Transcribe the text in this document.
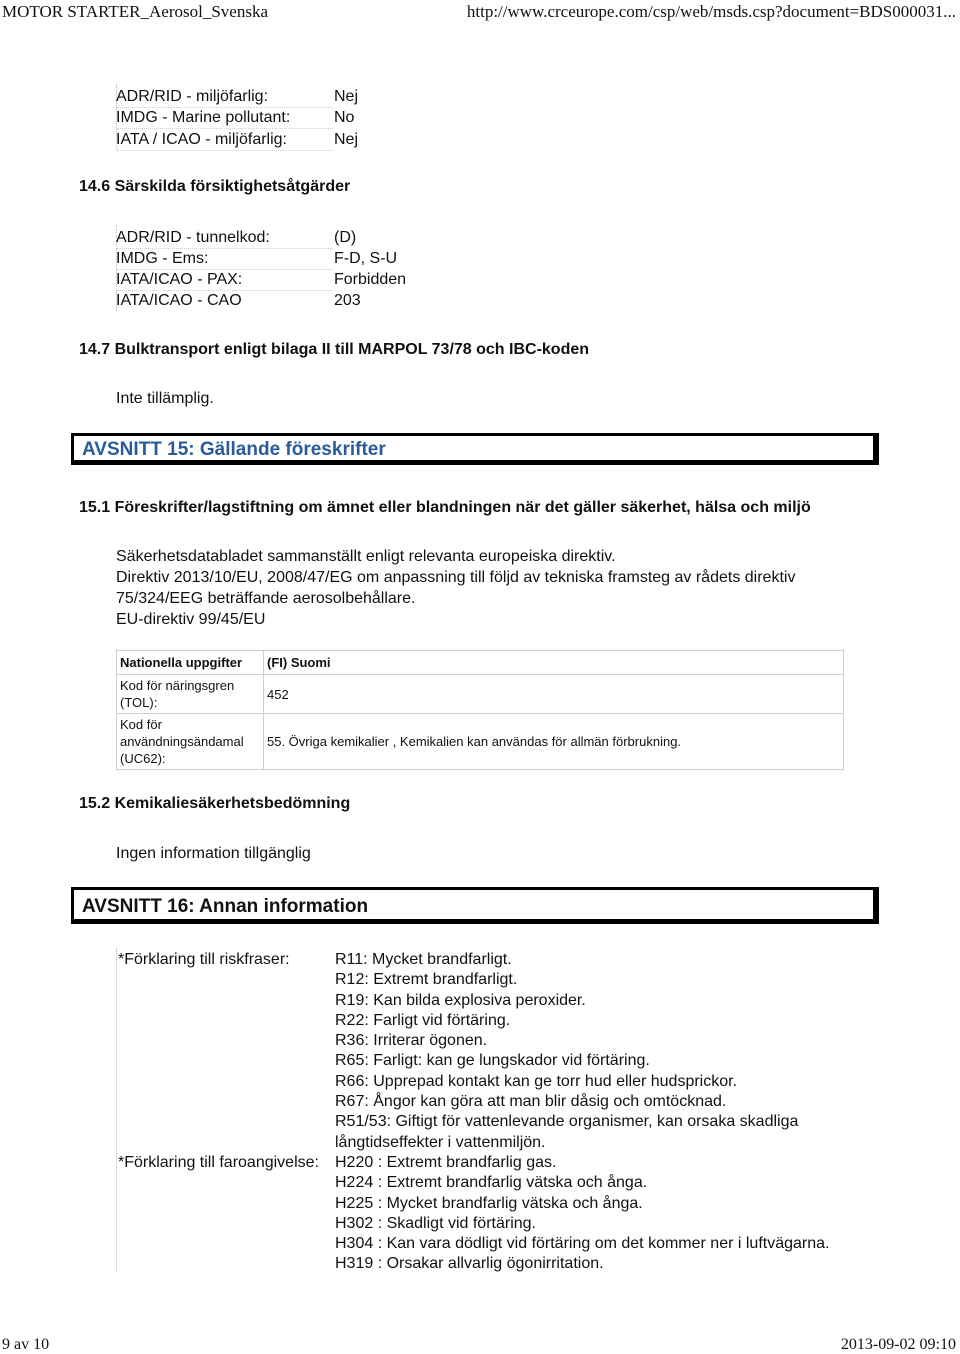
MOTOR STARTER_Aerosol_Svenska	http://www.crceurope.com/csp/web/msds.csp?document=BDS000031...
ADR/RID - miljöfarlig:	Nej
IMDG - Marine pollutant:	No
IATA / ICAO - miljöfarlig:	Nej
14.6 Särskilda försiktighetsåtgärder
ADR/RID - tunnelkod:	(D)
IMDG - Ems:	F-D, S-U
IATA/ICAO - PAX:	Forbidden
IATA/ICAO - CAO	203
14.7 Bulktransport enligt bilaga II till MARPOL 73/78 och IBC-koden
Inte tillämplig.
AVSNITT 15: Gällande föreskrifter
15.1 Föreskrifter/lagstiftning om ämnet eller blandningen när det gäller säkerhet, hälsa och miljö
Säkerhetsdatabladet sammanställt enligt relevanta europeiska direktiv.
Direktiv 2013/10/EU, 2008/47/EG om anpassning till följd av tekniska framsteg av rådets direktiv
75/324/EEG beträffande aerosolbehållare.
EU-direktiv 99/45/EU
Nationella uppgifter	(FI) Suomi

Kod för näringsgren
(TOL):	452

Kod för
användningsändamal
(UC62):	55. Övriga kemikalier , Kemikalien kan användas för allmän förbrukning.
15.2 Kemikaliesäkerhetsbedömning
Ingen information tillgänglig
AVSNITT 16: Annan information
*Förklaring till riskfraser:	R11: Mycket brandfarligt.
R12: Extremt brandfarligt.
R19: Kan bilda explosiva peroxider.
R22: Farligt vid förtäring.
R36: Irriterar ögonen.
R65: Farligt: kan ge lungskador vid förtäring.
R66: Upprepad kontakt kan ge torr hud eller hudsprickor.
R67: Ångor kan göra att man blir dåsig och omtöcknad.
R51/53: Giftigt för vattenlevande organismer, kan orsaka skadliga
långtidseffekter i vattenmiljön.
*Förklaring till faroangivelse: H220 : Extremt brandfarlig gas.
H224 : Extremt brandfarlig vätska och ånga.
H225 : Mycket brandfarlig vätska och ånga.
H302 : Skadligt vid förtäring.
H304 : Kan vara dödligt vid förtäring om det kommer ner i luftvägarna.
H319 : Orsakar allvarlig ögonirritation.
9 av 10	2013-09-02 09:10
